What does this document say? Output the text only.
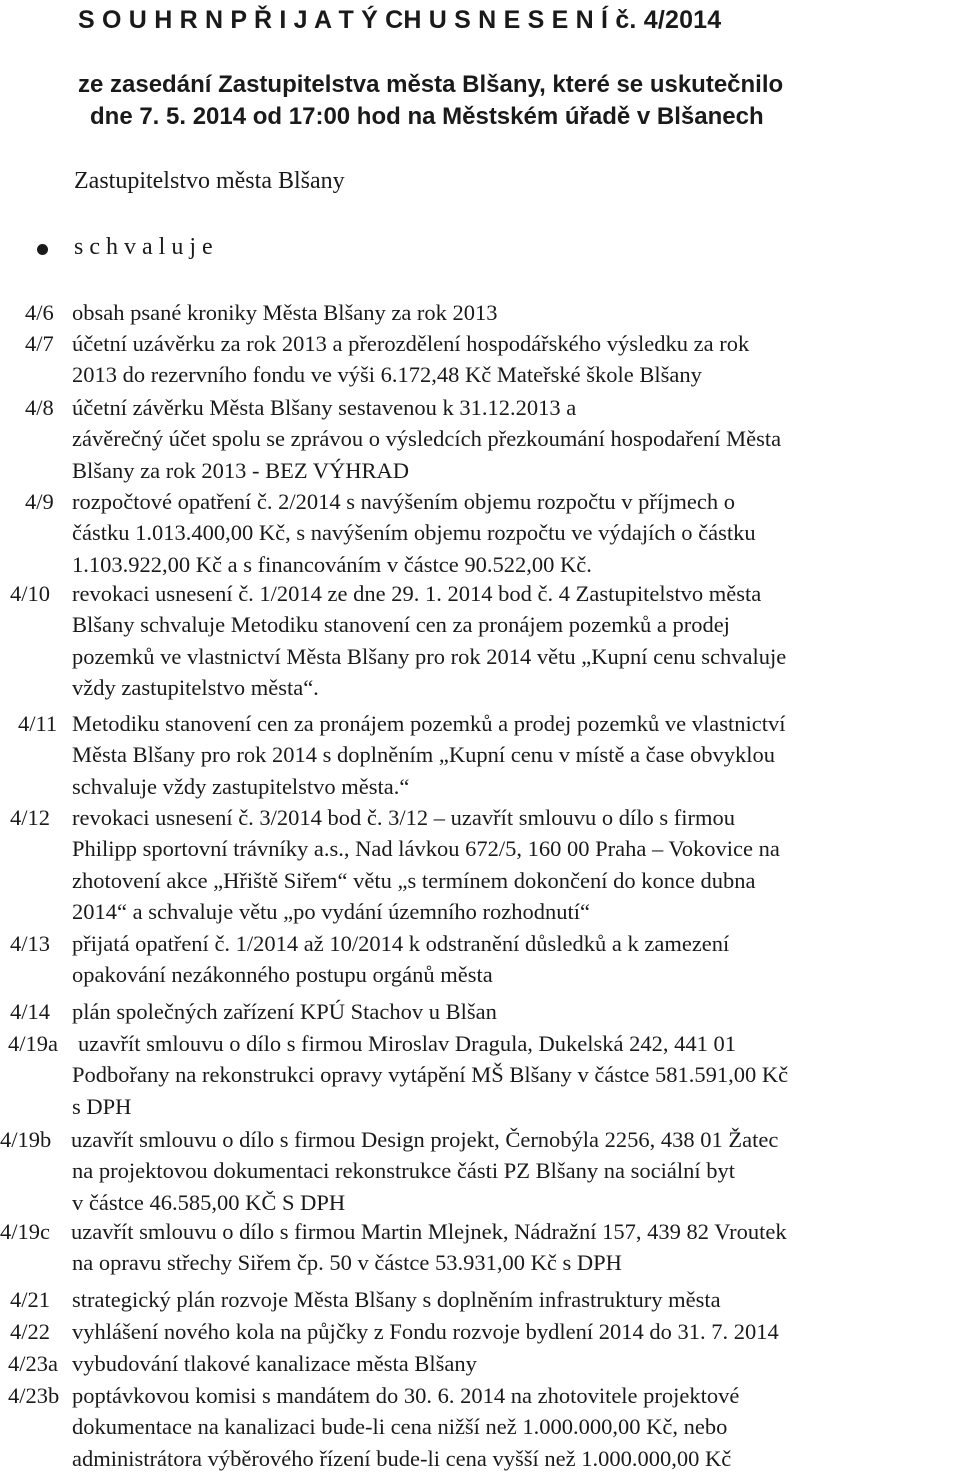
S O U H R N P Ř I J A T Ý CH U S N E S E N Í č. 4/2014
ze zasedání Zastupitelstva města Blšany, které se uskutečnilo
dne 7. 5. 2014 od 17:00 hod na Městském úřadě v Blšanech
Zastupitelstvo města Blšany
s c h v a l u j e
4/6 obsah psané kroniky Města Blšany za rok 2013
4/7 účetní uzávěrku za rok 2013 a přerozdělení hospodářského výsledku za rok
2013 do rezervního fondu ve výši 6.172,48 Kč Mateřské škole Blšany
4/8 účetní závěrku Města Blšany sestavenou k 31.12.2013 a
závěrečný účet spolu se zprávou o výsledcích přezkoumání hospodaření Města
Blšany za rok 2013 - BEZ VÝHRAD
4/9 rozpočtové opatření č. 2/2014 s navýšením objemu rozpočtu v příjmech o
částku 1.013.400,00 Kč, s navýšením objemu rozpočtu ve výdajích o částku
1.103.922,00 Kč a s financováním v částce 90.522,00 Kč.
4/10 revokaci usnesení č. 1/2014 ze dne 29. 1. 2014 bod č. 4 Zastupitelstvo města
Blšany schvaluje Metodiku stanovení cen za pronájem pozemků a prodej
pozemků ve vlastnictví Města Blšany pro rok 2014 větu „Kupní cenu schvaluje
vždy zastupitelstvo města“.
4/11 Metodiku stanovení cen za pronájem pozemků a prodej pozemků ve vlastnictví
Města Blšany pro rok 2014 s doplněním „Kupní cenu v místě a čase obvyklou
schvaluje vždy zastupitelstvo města.“
4/12 revokaci usnesení č. 3/2014 bod č. 3/12 – uzavřít smlouvu o dílo s firmou
Philipp sportovní trávníky a.s., Nad lávkou 672/5, 160 00 Praha – Vokovice na
zhotovení akce „Hřiště Siřem“ větu „s termínem dokončení do konce dubna
2014“ a schvaluje větu „po vydání územního rozhodnutí“
4/13 přijatá opatření č. 1/2014 až 10/2014 k odstranění důsledků a k zamezení
opakování nezákonného postupu orgánů města
4/14 plán společných zařízení KPÚ Stachov u Blšan
4/19a uzavřít smlouvu o dílo s firmou Miroslav Dragula, Dukelská 242, 441 01
Podbořany na rekonstrukci opravy vytápění MŠ Blšany v částce 581.591,00 Kč
s DPH
4/19b uzavřít smlouvu o dílo s firmou Design projekt, Černobýla 2256, 438 01 Žatec
na projektovou dokumentaci rekonstrukce části PZ Blšany na sociální byt
v částce 46.585,00 KČ S DPH
4/19c uzavřít smlouvu o dílo s firmou Martin Mlejnek, Nádražní 157, 439 82 Vroutek
na opravu střechy Siřem čp. 50 v částce 53.931,00 Kč s DPH
4/21 strategický plán rozvoje Města Blšany s doplněním infrastruktury města
4/22 vyhlášení nového kola na půjčky z Fondu rozvoje bydlení 2014 do 31. 7. 2014
4/23a vybudování tlakové kanalizace města Blšany
4/23b poptávkovou komisi s mandátem do 30. 6. 2014 na zhotovitele projektové
dokumentace na kanalizaci bude-li cena nižší než 1.000.000,00 Kč, nebo
administrátora výběrového řízení bude-li cena vyšší než 1.000.000,00 Kč
